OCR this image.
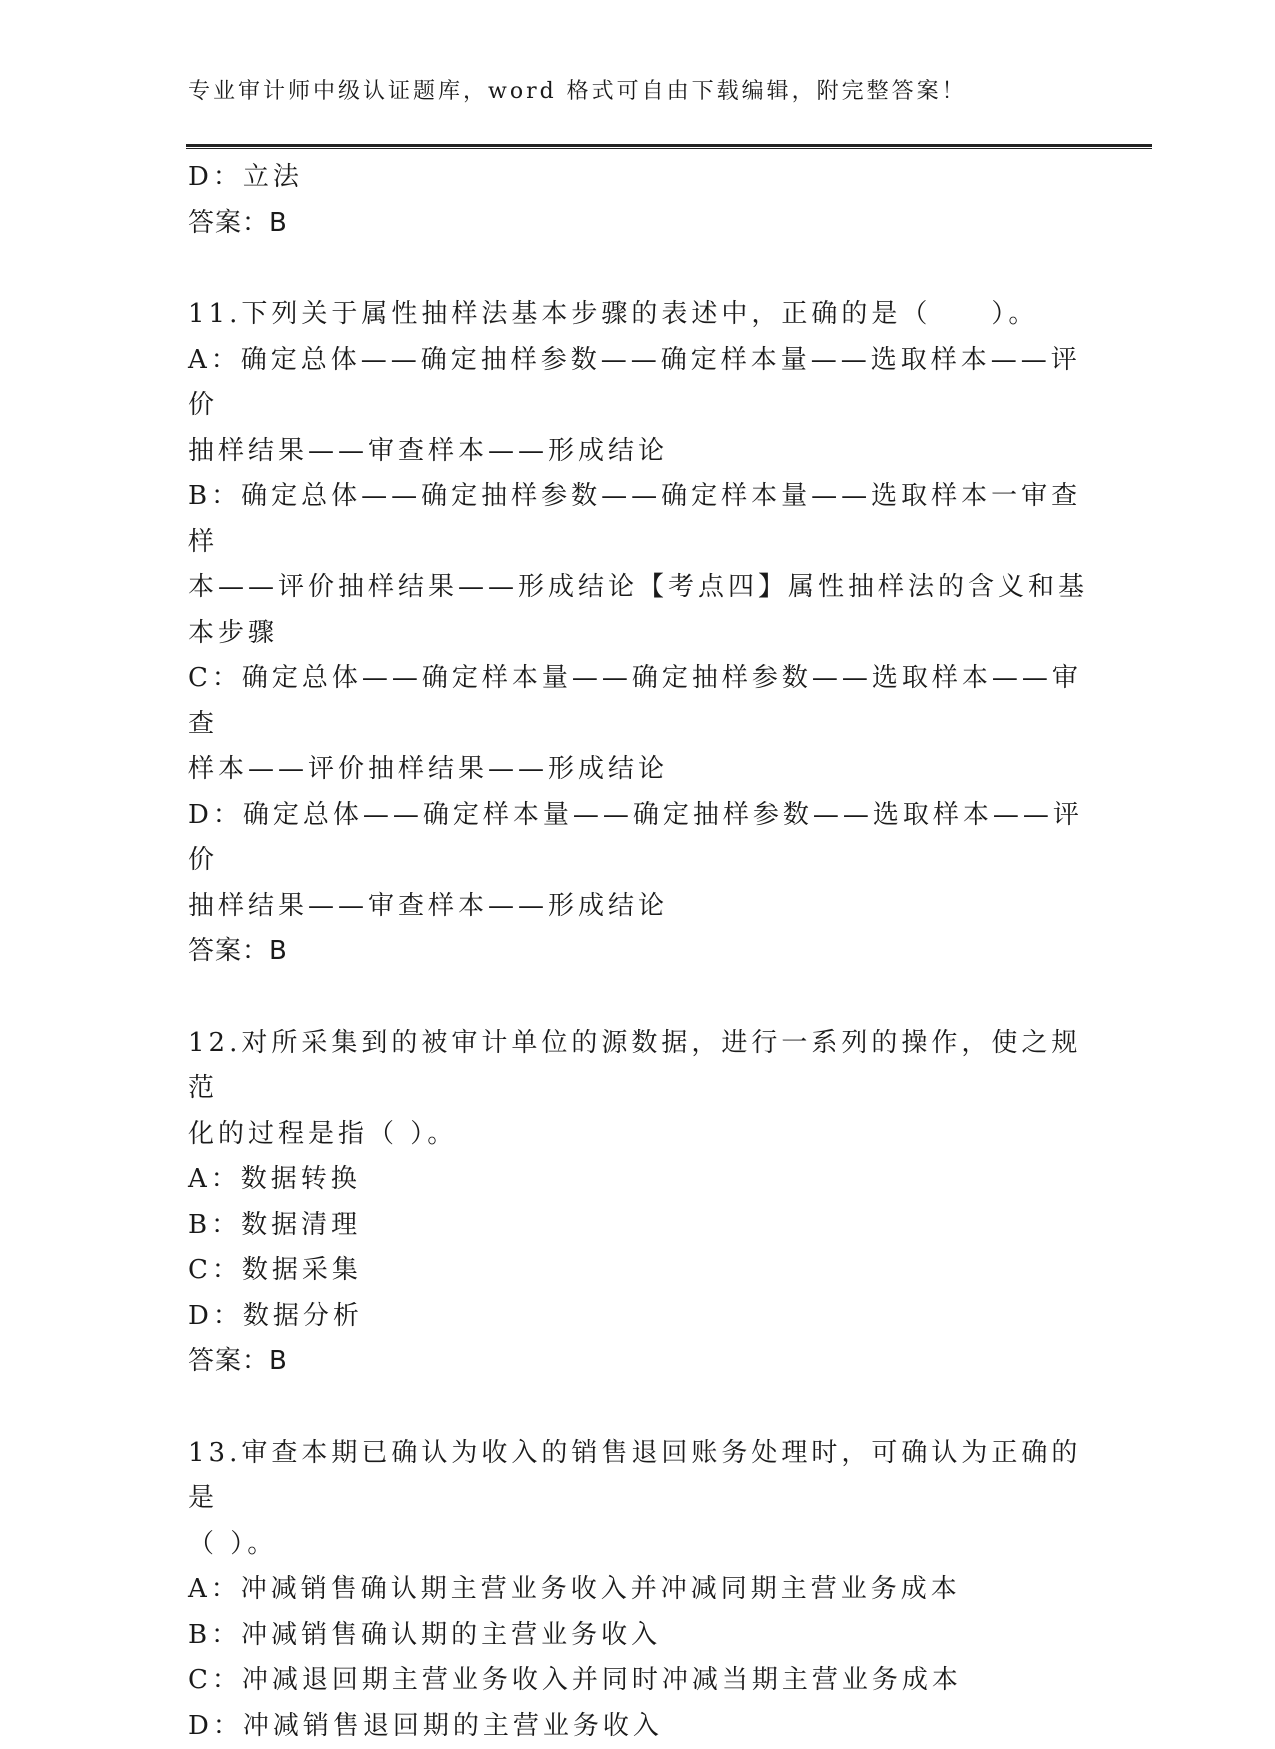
专业审计师中级认证题库，word 格式可自由下载编辑，附完整答案！
D：立法
答案：B
11.下列关于属性抽样法基本步骤的表述中，正确的是（　　）。
A：确定总体——确定抽样参数——确定样本量——选取样本——评价
抽样结果——审查样本——形成结论
B：确定总体——确定抽样参数——确定样本量——选取样本一审查样
本——评价抽样结果——形成结论【考点四】属性抽样法的含义和基
本步骤
C：确定总体——确定样本量——确定抽样参数——选取样本——审查
样本——评价抽样结果——形成结论
D：确定总体——确定样本量——确定抽样参数——选取样本——评价
抽样结果——审查样本——形成结论
答案：B
12.对所采集到的被审计单位的源数据，进行一系列的操作，使之规范
化的过程是指（ ）。
A：数据转换
B：数据清理
C：数据采集
D：数据分析
答案：B
13.审查本期已确认为收入的销售退回账务处理时，可确认为正确的是
（ ）。
A：冲减销售确认期主营业务收入并冲减同期主营业务成本
B：冲减销售确认期的主营业务收入
C：冲减退回期主营业务收入并同时冲减当期主营业务成本
D：冲减销售退回期的主营业务收入
